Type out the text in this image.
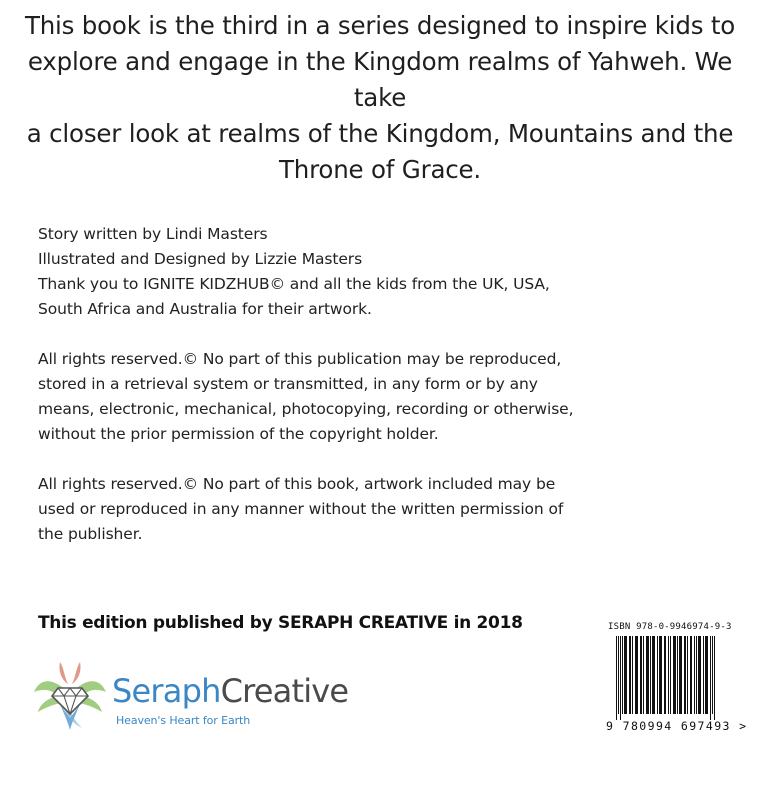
This book is the third in a series designed to inspire kids to

explore and engage in the Kingdom realms of Yahweh. We take

a closer look at realms of the Kingdom, Mountains and the

Throne of Grace.

Story written by Lindi Masters

Illustrated and Designed by Lizzie Masters

Thank you to IGNITE KIDZHUB© and all the kids from the UK, USA,

South Africa and Australia for their artwork.

All rights reserved.© No part of this publication may be reproduced,

stored in a retrieval system or transmitted, in any form or by any

means, electronic, mechanical, photocopying, recording or otherwise,

without the prior permission of the copyright holder.

All rights reserved.© No part of this book, artwork included may be

used or reproduced in any manner without the written permission of

the publisher.

This edition published by SERAPH CREATIVE in 2018
SeraphCreative
Heaven's Heart for Earth
ISBN 978-0-9946974-9-3
9 780994 697493 >
